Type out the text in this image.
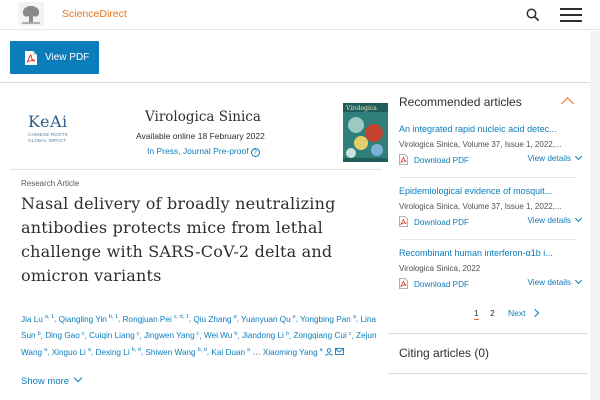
ScienceDirect
View PDF
KeAi
CHINESE ROOTS
GLOBAL IMPACT
Virologica Sinica
Available online 18 February 2022
In Press, Journal Pre-proof ?
Virologica
Research Article
Nasal delivery of broadly neutralizing antibodies protects mice from lethal challenge with SARS-CoV-2 delta and omicron variants
Jia Lu $^{a, 1}$, Qiangling Yin $^{b, 1}$, Rongjuan Pei $^{c, d, 1}$, Qiu Zhang $^a$, Yuanyuan Qu $^e$, Yongbing Pan $^a$, Lina Sun $^b$, Ding Gao $^c$, Cuiqin Liang $^c$, Jingwen Yang $^c$, Wei Wu $^b$, Jiandong Li $^b$, Zongqiang Cui $^c$, Zejun Wang $^a$, Xinguo Li $^a$, Dexing Li $^{b, d}$, Shiwen Wang $^{b, d}$, Kai Duan $^a$ … Xiaoming Yang $^a$
Show more
Recommended articles
An integrated rapid nucleic acid detec...
Virologica Sinica, Volume 37, Issue 1, 2022,...
Download PDF	View details
Epidemiological evidence of mosquit...
Virologica Sinica, Volume 37, Issue 1, 2022,...
Download PDF	View details
Recombinant human interferon-α1b i...
Virologica Sinica, 2022
Download PDF	View details
1 2 Next
Citing articles (0)
